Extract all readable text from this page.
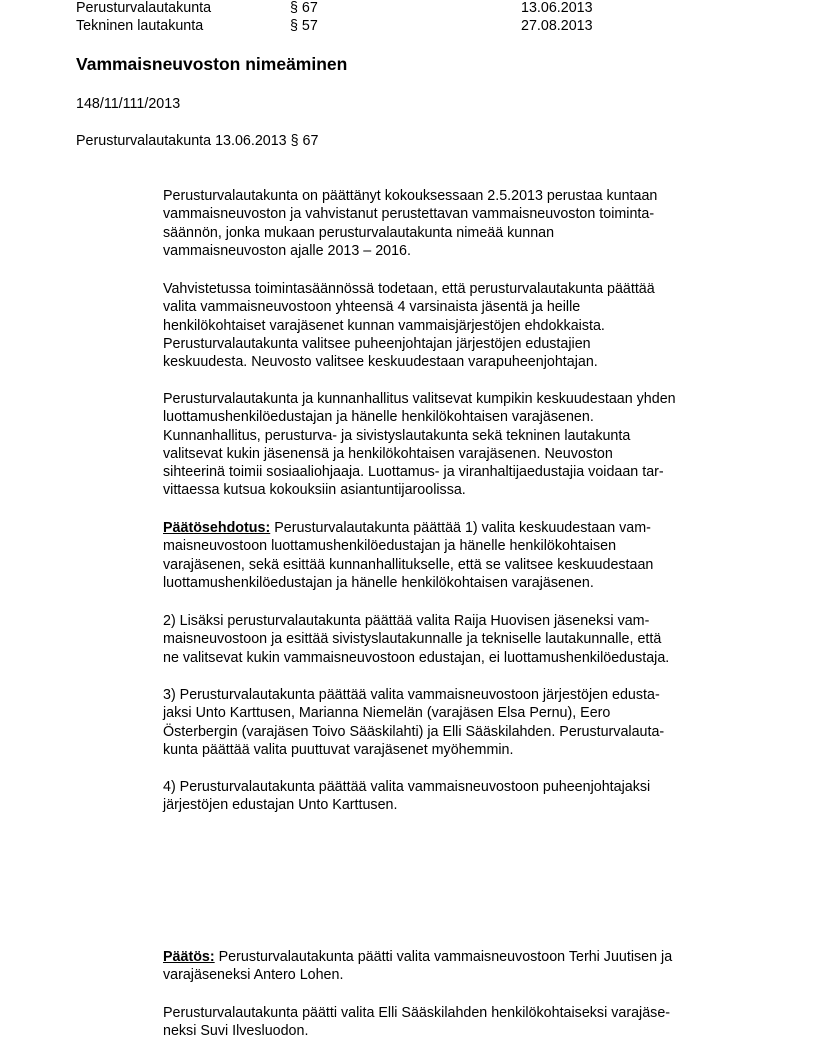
Perusturvalautakunta	§ 67	13.06.2013
Tekninen lautakunta	§ 57	27.08.2013
Vammaisneuvoston nimeäminen
148/11/111/2013
Perusturvalautakunta 13.06.2013 § 67
Perusturvalautakunta on päättänyt kokouksessaan 2.5.2013 perustaa kuntaan
vammaisneuvoston ja vahvistanut perustettavan vammaisneuvoston toiminta-
säännön, jonka mukaan perusturvalautakunta nimeää kunnan
vammaisneuvoston ajalle 2013 – 2016.
Vahvistetussa toimintasäännössä todetaan, että perusturvalautakunta päättää
valita vammaisneuvostoon yhteensä 4 varsinaista jäsentä ja heille
henkilökohtaiset varajäsenet kunnan vammaisjärjestöjen ehdokkaista.
Perusturvalautakunta valitsee puheenjohtajan järjestöjen edustajien
keskuudesta. Neuvosto valitsee keskuudestaan varapuheenjohtajan.
Perusturvalautakunta ja kunnanhallitus valitsevat kumpikin keskuudestaan yhden
luottamushenkilöedustajan ja hänelle henkilökohtaisen varajäsenen.
Kunnanhallitus, perusturva- ja sivistyslautakunta sekä tekninen lautakunta
valitsevat kukin jäsenensä ja henkilökohtaisen varajäsenen. Neuvoston
sihteerinä toimii sosiaaliohjaaja. Luottamus- ja viranhaltijaedustajia voidaan tar-
vittaessa kutsua kokouksiin asiantuntijaroolissa.
Päätösehdotus: Perusturvalautakunta päättää 1) valita keskuudestaan vam-
maisneuvostoon luottamushenkilöedustajan ja hänelle henkilökohtaisen
varajäsenen, sekä esittää kunnanhallitukselle, että se valitsee keskuudestaan
luottamushenkilöedustajan ja hänelle henkilökohtaisen varajäsenen.
2) Lisäksi perusturvalautakunta päättää valita Raija Huovisen jäseneksi vam-
maisneuvostoon ja esittää sivistyslautakunnalle ja tekniselle lautakunnalle, että
ne valitsevat kukin vammaisneuvostoon edustajan, ei luottamushenkilöedustaja.
3) Perusturvalautakunta päättää valita vammaisneuvostoon järjestöjen edusta-
jaksi Unto Karttusen, Marianna Niemelän (varajäsen Elsa Pernu), Eero
Österbergin (varajäsen Toivo Sääskilahti) ja Elli Sääskilahden. Perusturvalauta-
kunta päättää valita puuttuvat varajäsenet myöhemmin.
4) Perusturvalautakunta päättää valita vammaisneuvostoon puheenjohtajaksi
järjestöjen edustajan Unto Karttusen.
Päätös: Perusturvalautakunta päätti valita vammaisneuvostoon Terhi Juutisen ja
varajäseneksi Antero Lohen.
Perusturvalautakunta päätti valita Elli Sääskilahden henkilökohtaiseksi varajäse-
neksi Suvi Ilvesluodon.
